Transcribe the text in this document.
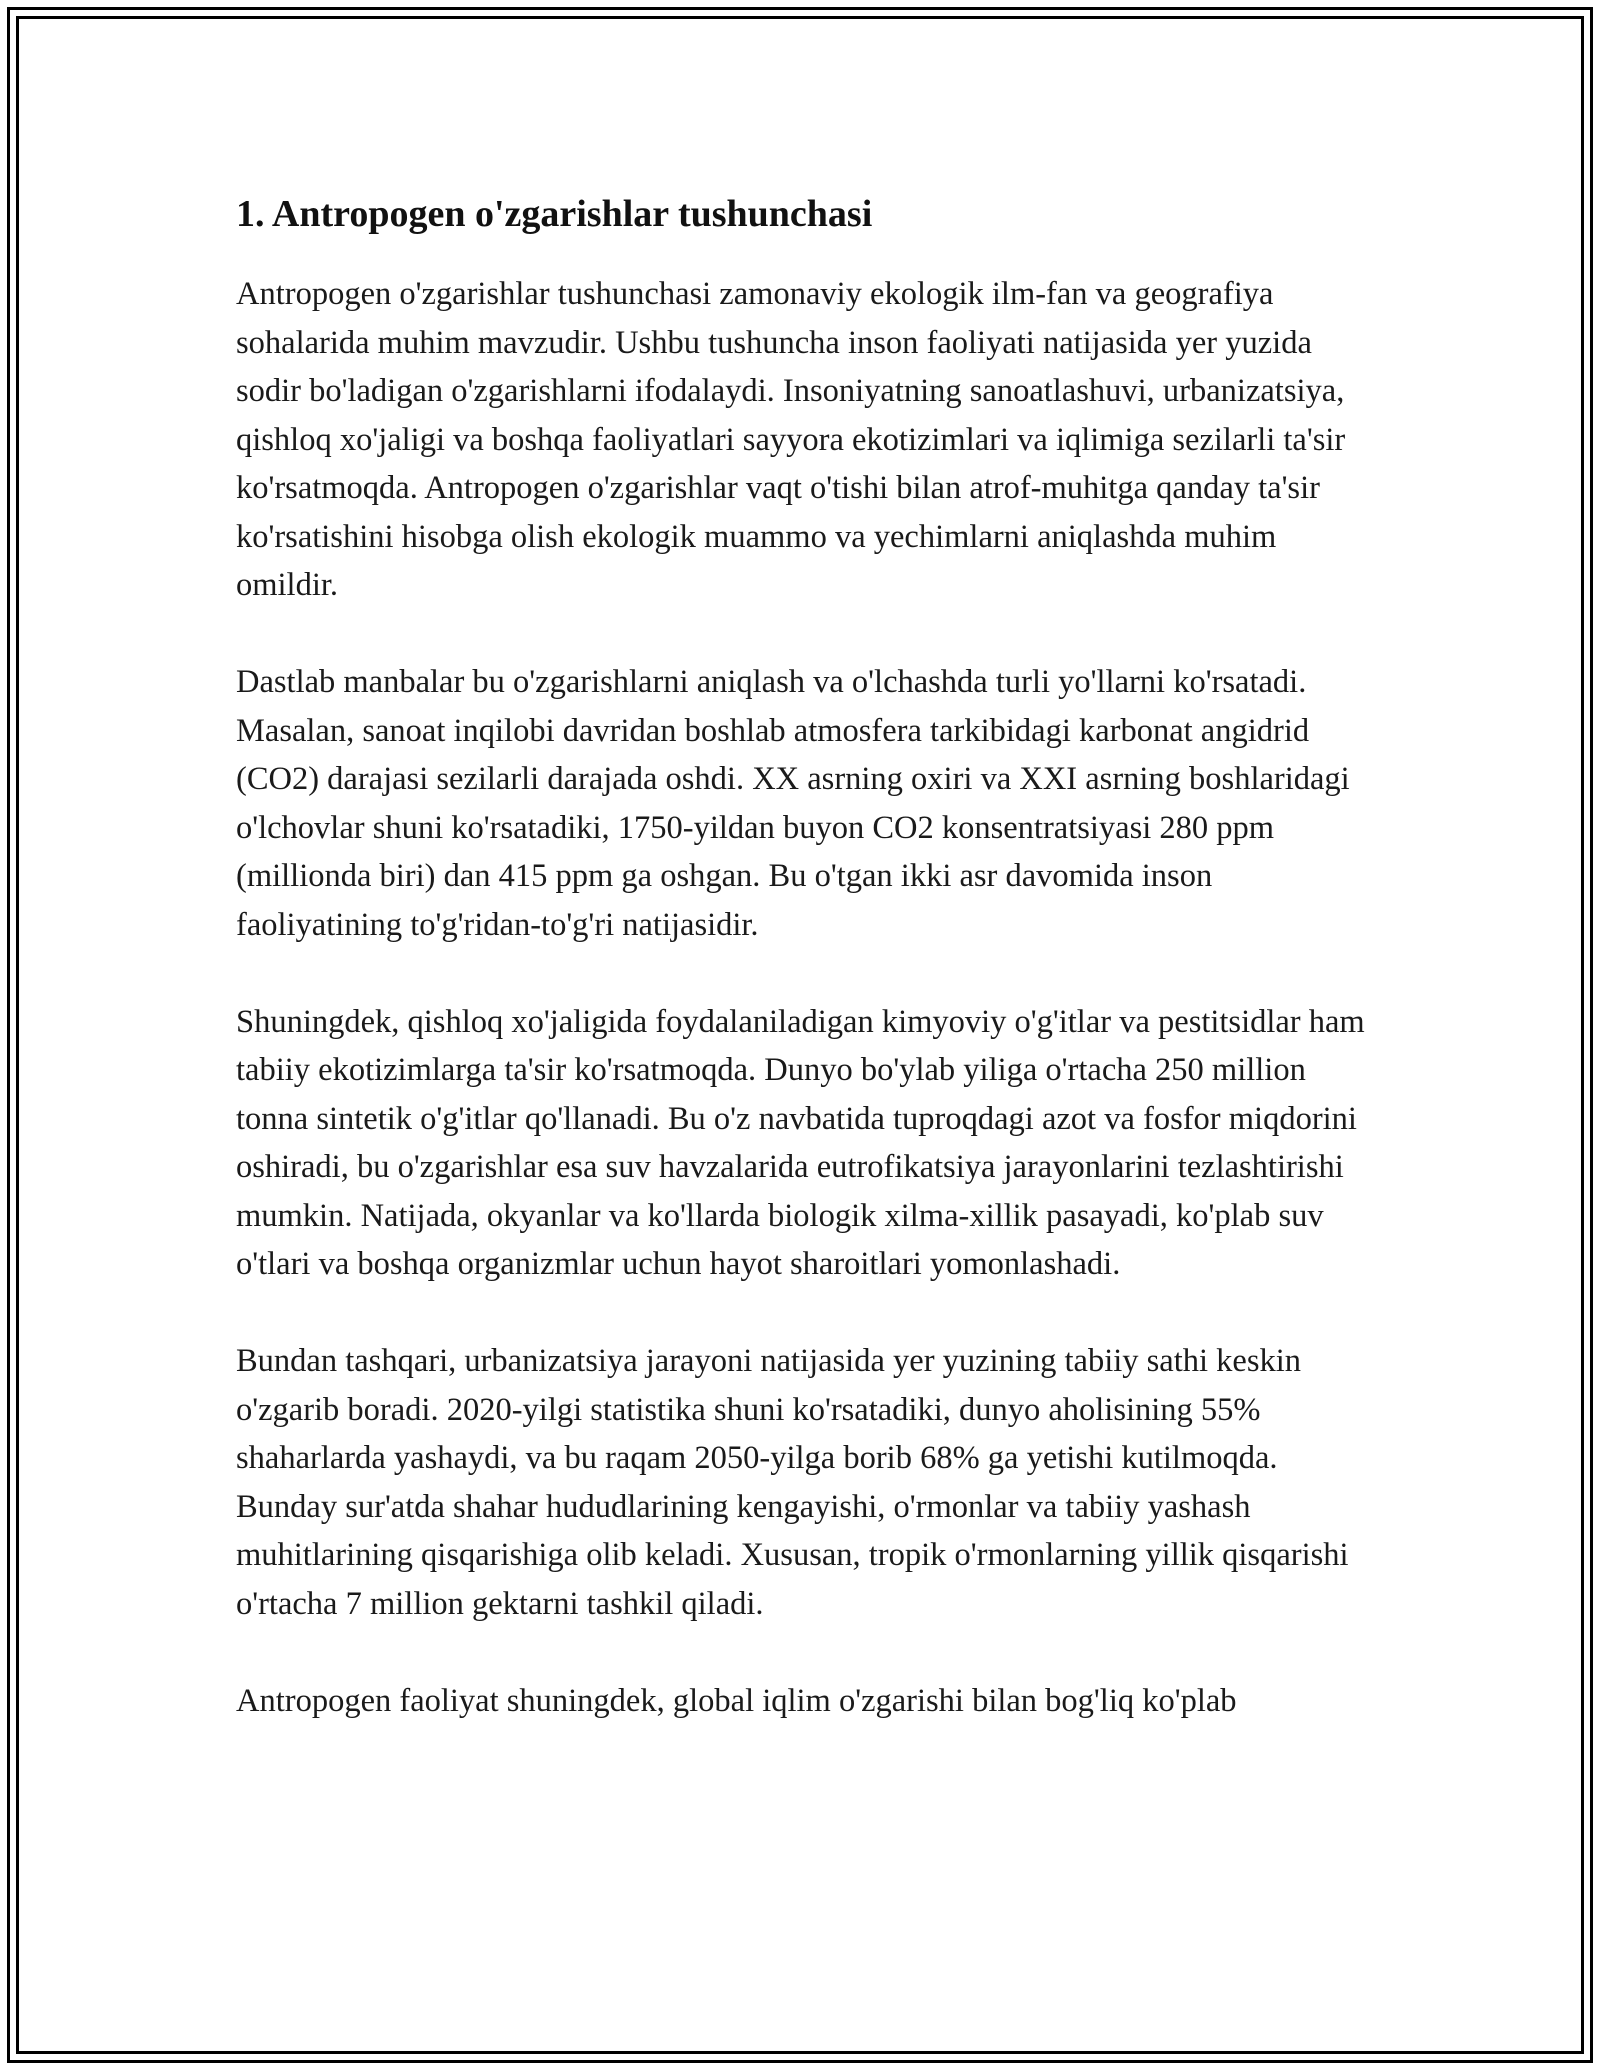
1. Antropogen o'zgarishlar tushunchasi

Antropogen o'zgarishlar tushunchasi zamonaviy ekologik ilm-fan va geografiya sohalarida muhim mavzudir. Ushbu tushuncha inson faoliyati natijasida yer yuzida sodir bo'ladigan o'zgarishlarni ifodalaydi. Insoniyatning sanoatlashuvi, urbanizatsiya, qishloq xo'jaligi va boshqa faoliyatlari sayyora ekotizimlari va iqlimiga sezilarli ta'sir ko'rsatmoqda. Antropogen o'zgarishlar vaqt o'tishi bilan atrof-muhitga qanday ta'sir ko'rsatishini hisobga olish ekologik muammo va yechimlarni aniqlashda muhim omildir.

Dastlab manbalar bu o'zgarishlarni aniqlash va o'lchashda turli yo'llarni ko'rsatadi. Masalan, sanoat inqilobi davridan boshlab atmosfera tarkibidagi karbonat angidrid (CO2) darajasi sezilarli darajada oshdi. XX asrning oxiri va XXI asrning boshlaridagi o'lchovlar shuni ko'rsatadiki, 1750-yildan buyon CO2 konsentratsiyasi 280 ppm (millionda biri) dan 415 ppm ga oshgan. Bu o'tgan ikki asr davomida inson faoliyatining to'g'ridan-to'g'ri natijasidir.

Shuningdek, qishloq xo'jaligida foydalaniladigan kimyoviy o'g'itlar va pestitsidlar ham tabiiy ekotizimlarga ta'sir ko'rsatmoqda. Dunyo bo'ylab yiliga o'rtacha 250 million tonna sintetik o'g'itlar qo'llanadi. Bu o'z navbatida tuproqdagi azot va fosfor miqdorini oshiradi, bu o'zgarishlar esa suv havzalarida eutrofikatsiya jarayonlarini tezlashtirishi mumkin. Natijada, okyanlar va ko'llarda biologik xilma-xillik pasayadi, ko'plab suv o'tlari va boshqa organizmlar uchun hayot sharoitlari yomonlashadi.

Bundan tashqari, urbanizatsiya jarayoni natijasida yer yuzining tabiiy sathi keskin o'zgarib boradi. 2020-yilgi statistika shuni ko'rsatadiki, dunyo aholisining 55% shaharlarda yashaydi, va bu raqam 2050-yilga borib 68% ga yetishi kutilmoqda. Bunday sur'atda shahar hududlarining kengayishi, o'rmonlar va tabiiy yashash muhitlarining qisqarishiga olib keladi. Xususan, tropik o'rmonlarning yillik qisqarishi o'rtacha 7 million gektarni tashkil qiladi.

Antropogen faoliyat shuningdek, global iqlim o'zgarishi bilan bog'liq ko'plab
